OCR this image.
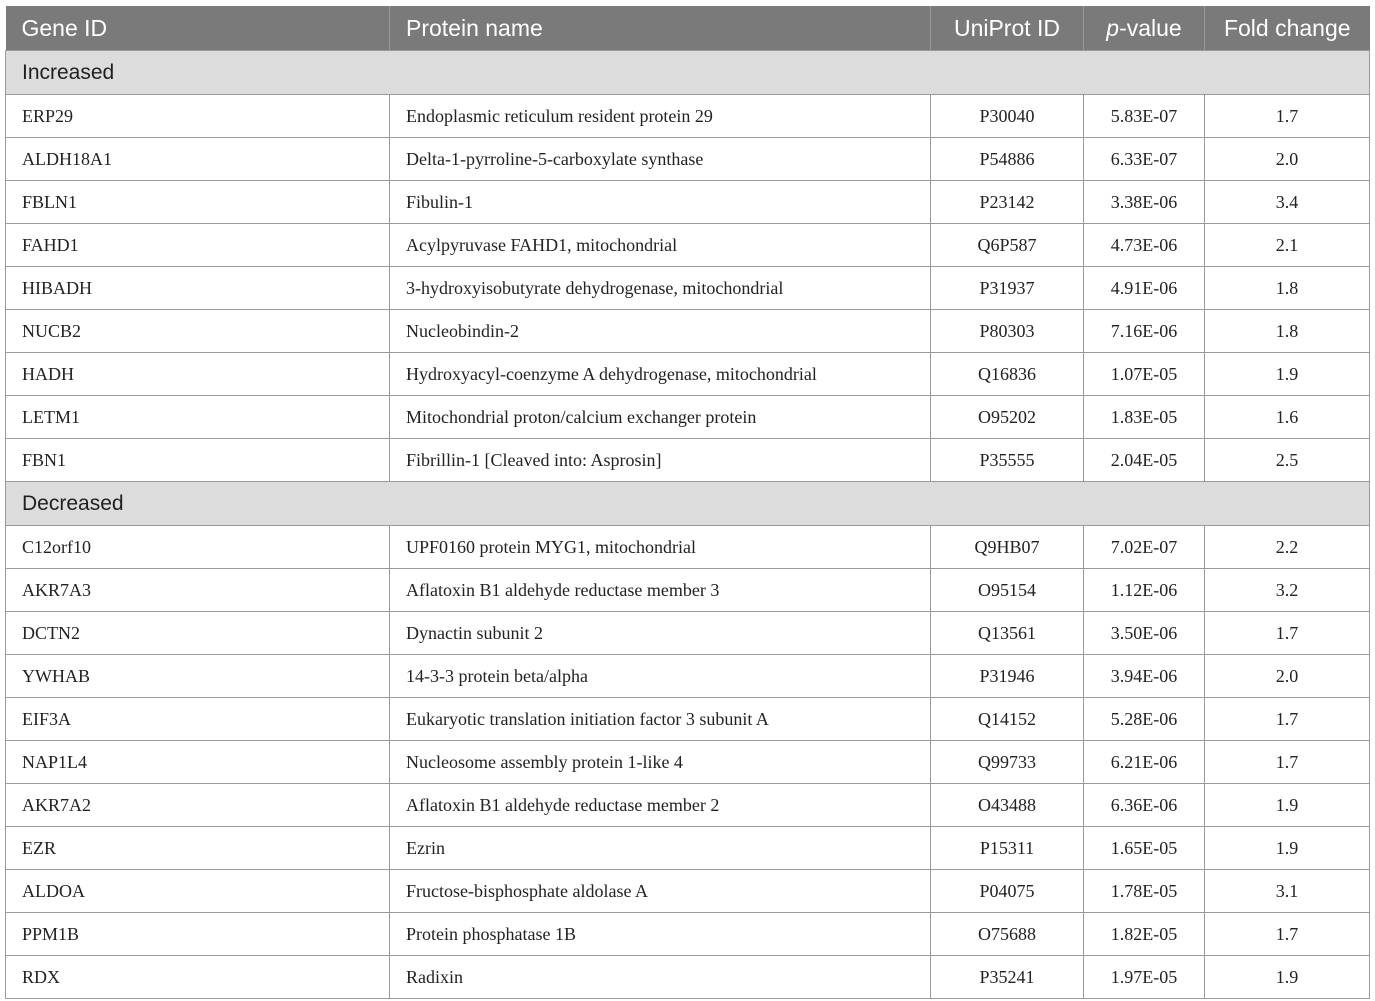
Gene ID	Protein name	UniProt ID	p-value	Fold change
Increased				
ERP29	Endoplasmic reticulum resident protein 29	P30040	5.83E-07	1.7
ALDH18A1	Delta-1-pyrroline-5-carboxylate synthase	P54886	6.33E-07	2.0
FBLN1	Fibulin-1	P23142	3.38E-06	3.4
FAHD1	Acylpyruvase FAHD1, mitochondrial	Q6P587	4.73E-06	2.1
HIBADH	3-hydroxyisobutyrate dehydrogenase, mitochondrial	P31937	4.91E-06	1.8
NUCB2	Nucleobindin-2	P80303	7.16E-06	1.8
HADH	Hydroxyacyl-coenzyme A dehydrogenase, mitochondrial	Q16836	1.07E-05	1.9
LETM1	Mitochondrial proton/calcium exchanger protein	O95202	1.83E-05	1.6
FBN1	Fibrillin-1 [Cleaved into: Asprosin]	P35555	2.04E-05	2.5
Decreased				
C12orf10	UPF0160 protein MYG1, mitochondrial	Q9HB07	7.02E-07	2.2
AKR7A3	Aflatoxin B1 aldehyde reductase member 3	O95154	1.12E-06	3.2
DCTN2	Dynactin subunit 2	Q13561	3.50E-06	1.7
YWHAB	14-3-3 protein beta/alpha	P31946	3.94E-06	2.0
EIF3A	Eukaryotic translation initiation factor 3 subunit A	Q14152	5.28E-06	1.7
NAP1L4	Nucleosome assembly protein 1-like 4	Q99733	6.21E-06	1.7
AKR7A2	Aflatoxin B1 aldehyde reductase member 2	O43488	6.36E-06	1.9
EZR	Ezrin	P15311	1.65E-05	1.9
ALDOA	Fructose-bisphosphate aldolase A	P04075	1.78E-05	3.1
PPM1B	Protein phosphatase 1B	O75688	1.82E-05	1.7
RDX	Radixin	P35241	1.97E-05	1.9
